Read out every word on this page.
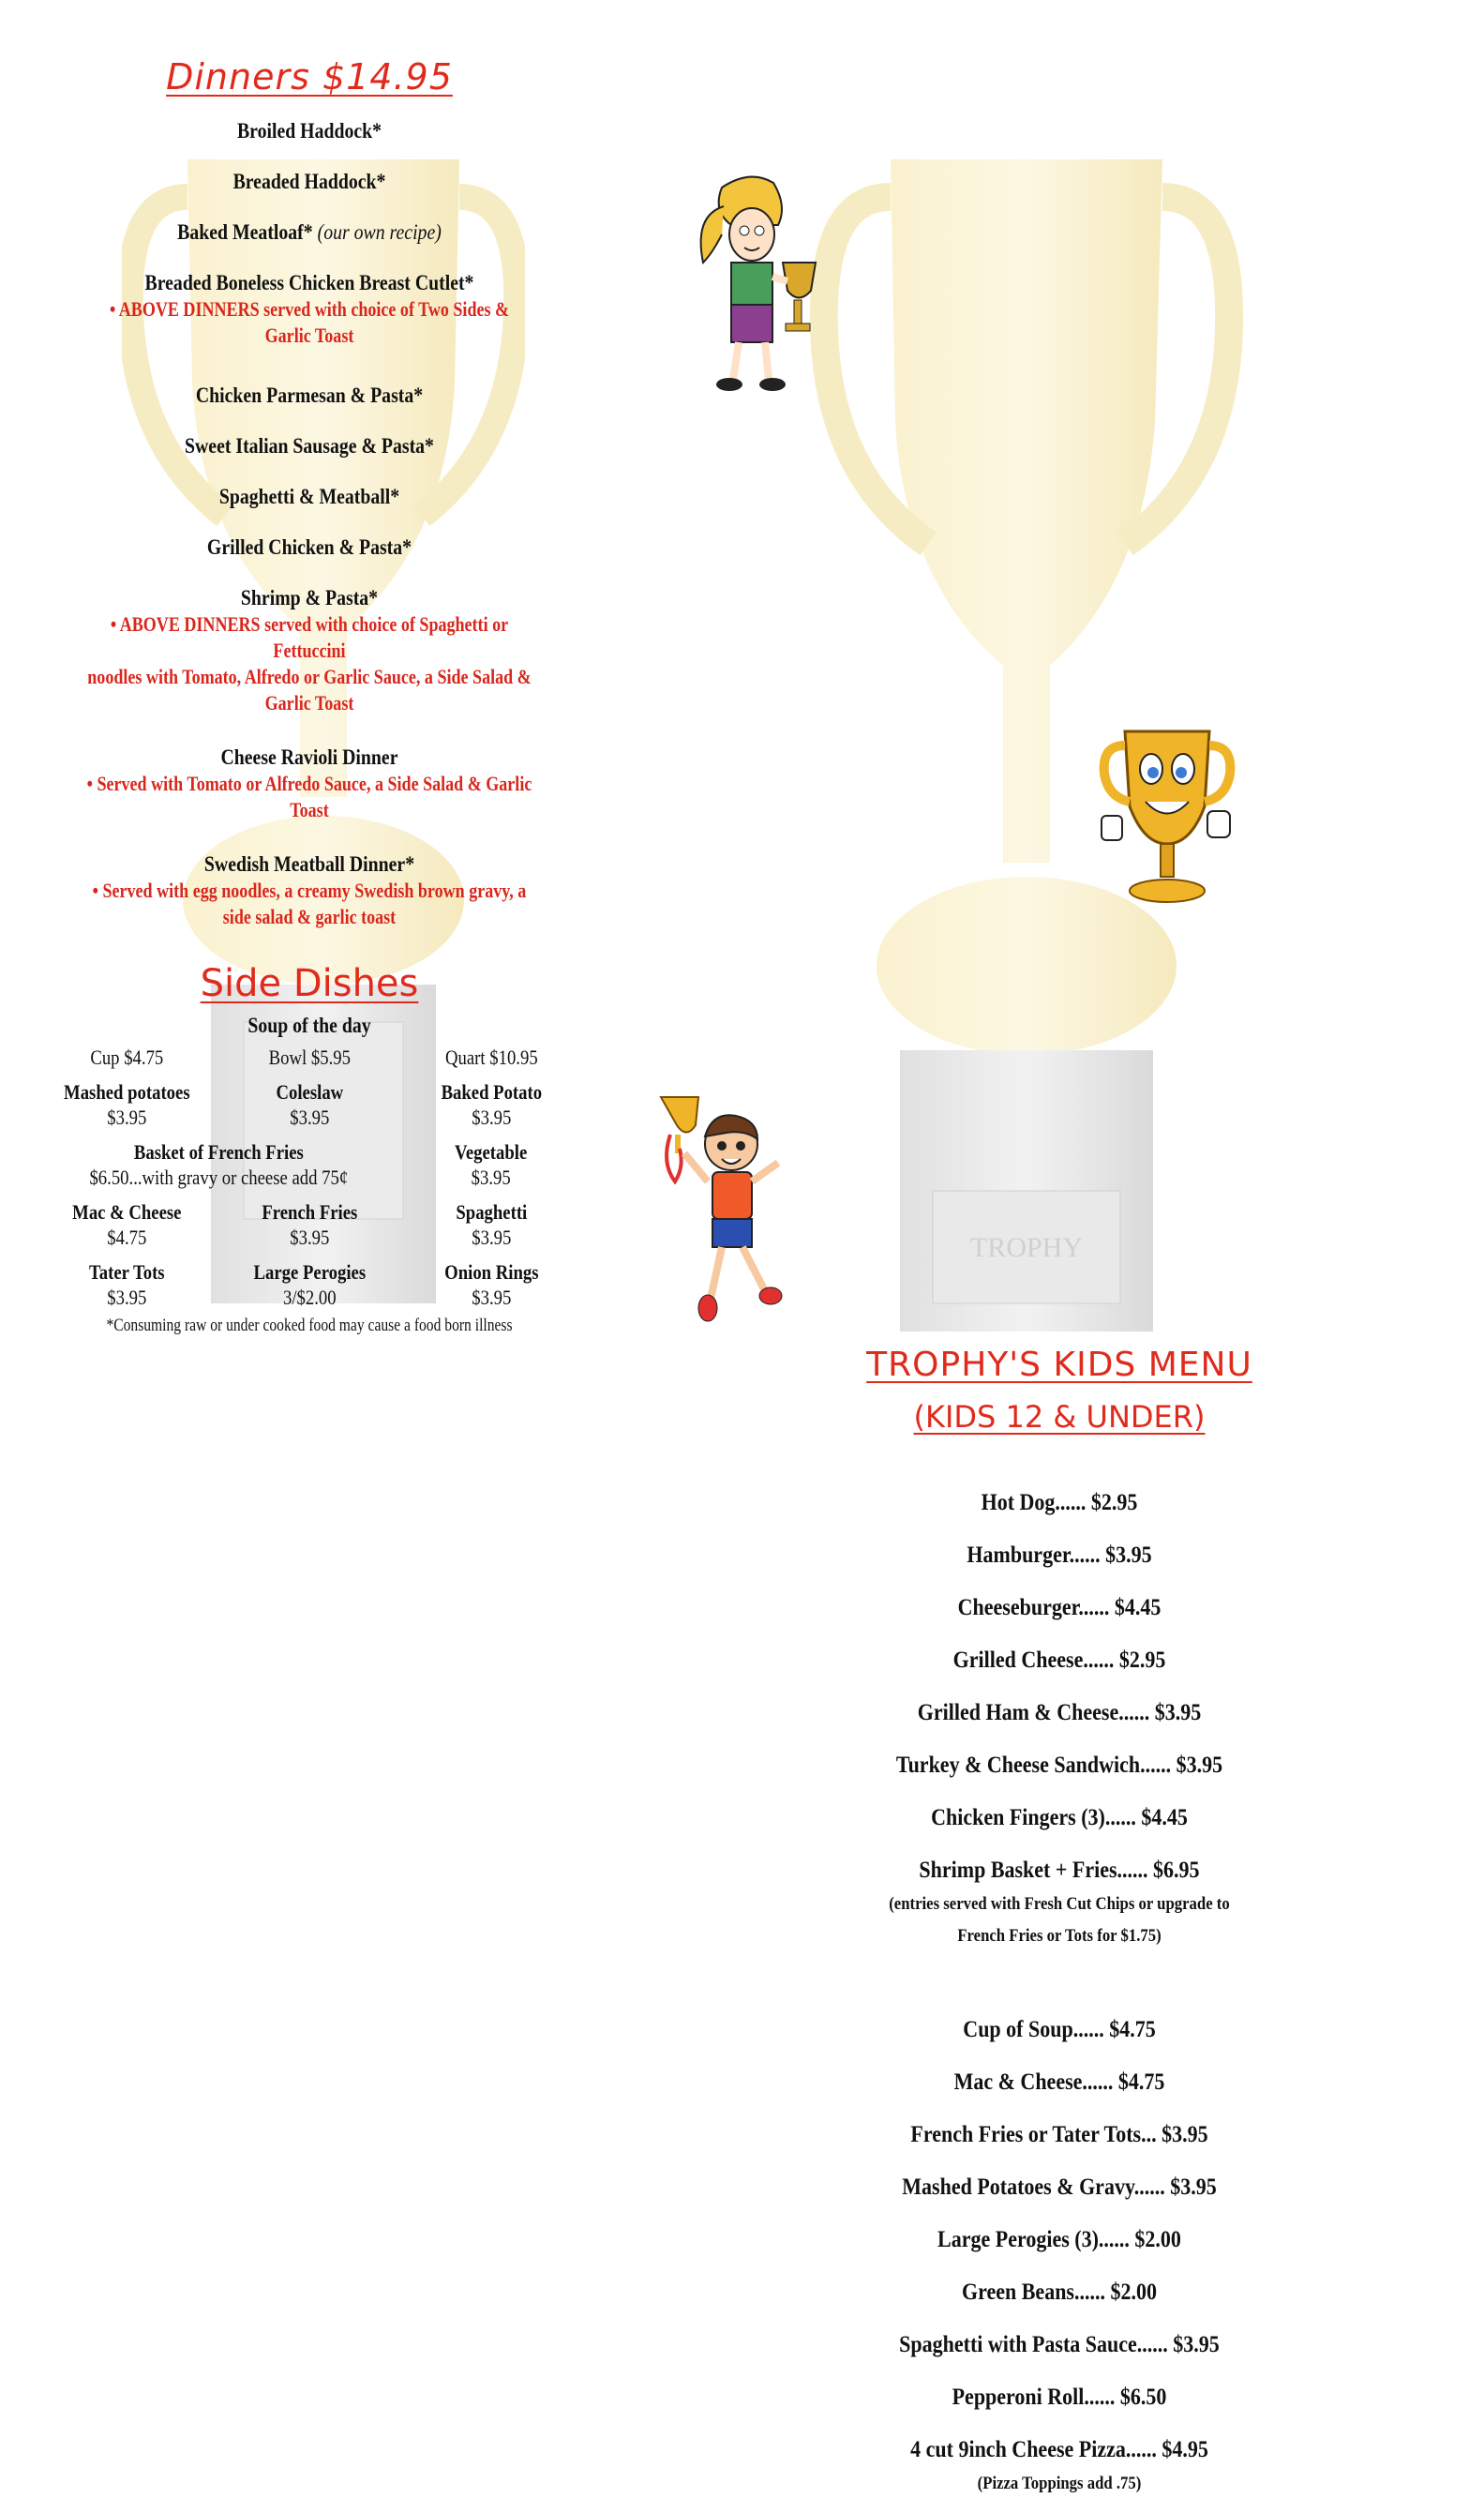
TROPHY
Dinners $14.95
Broiled Haddock*
Breaded Haddock*
Baked Meatloaf* (our own recipe)
Breaded Boneless Chicken Breast Cutlet*
• ABOVE DINNERS served with choice of Two Sides & Garlic Toast
Chicken Parmesan & Pasta*
Sweet Italian Sausage & Pasta*
Spaghetti & Meatball*
Grilled Chicken & Pasta*
Shrimp & Pasta*
• ABOVE DINNERS served with choice of Spaghetti or Fettuccini
noodles with Tomato, Alfredo or Garlic Sauce, a Side Salad &
Garlic Toast
Cheese Ravioli Dinner
• Served with Tomato or Alfredo Sauce, a Side Salad & Garlic Toast
Swedish Meatball Dinner*
• Served with egg noodles, a creamy Swedish brown gravy, a
side salad & garlic toast
Side Dishes
Soup of the day
Cup $4.75	Bowl $5.95	Quart $10.95
Mashed potatoes
$3.95
Coleslaw
$3.95
Baked Potato
$3.95
Basket of French Fries
$6.50...with gravy or cheese add 75¢
Vegetable
$3.95
Mac & Cheese
$4.75
French Fries
$3.95
Spaghetti
$3.95
Tater Tots
$3.95
Large Perogies
3/$2.00
Onion Rings
$3.95
*Consuming raw or under cooked food may cause a food born illness
TROPHY'S KIDS MENU
(KIDS 12 & UNDER)
Hot Dog...... $2.95
Hamburger...... $3.95
Cheeseburger...... $4.45
Grilled Cheese...... $2.95
Grilled Ham & Cheese...... $3.95
Turkey & Cheese Sandwich...... $3.95
Chicken Fingers (3)...... $4.45
Shrimp Basket + Fries...... $6.95
(entries served with Fresh Cut Chips or upgrade to
French Fries or Tots for $1.75)
Cup of Soup...... $4.75
Mac & Cheese...... $4.75
French Fries or Tater Tots... $3.95
Mashed Potatoes & Gravy...... $3.95
Large Perogies (3)...... $2.00
Green Beans...... $2.00
Spaghetti with Pasta Sauce...... $3.95
Pepperoni Roll...... $6.50
4 cut 9inch Cheese Pizza...... $4.95
(Pizza Toppings add .75)
